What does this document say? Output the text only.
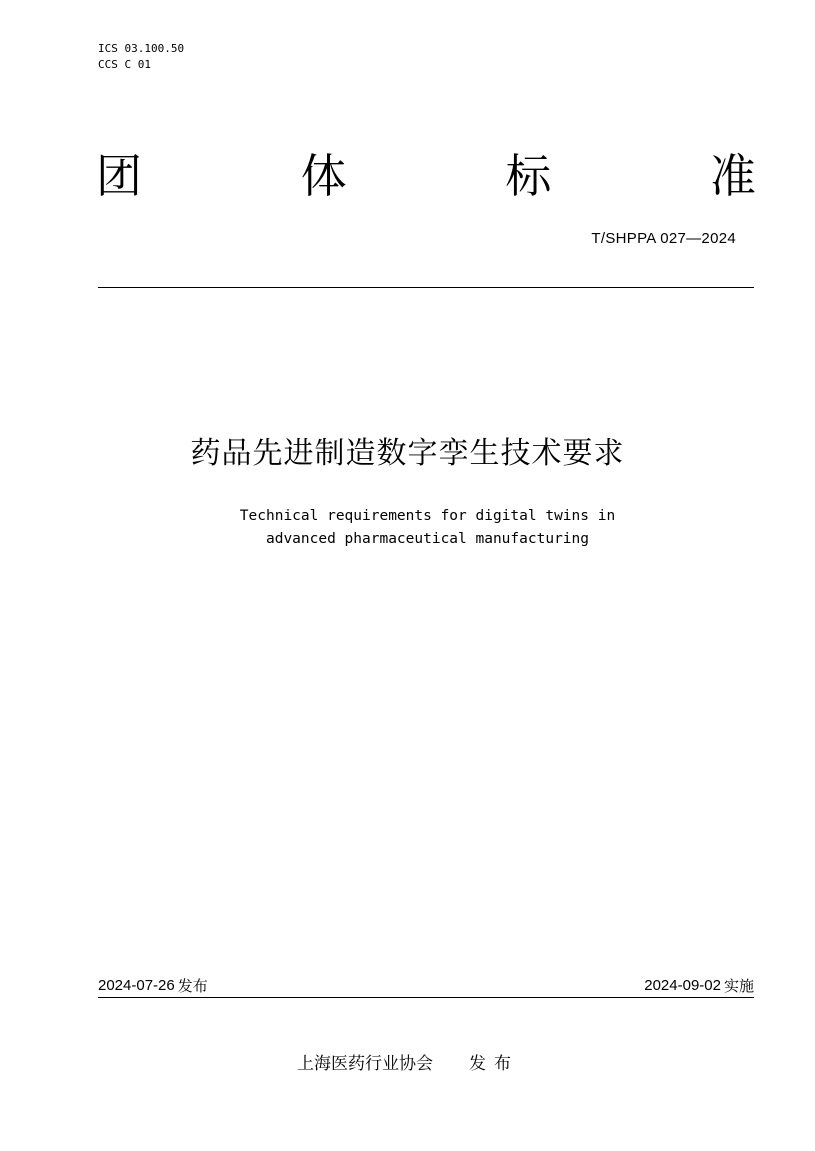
ICS 03.100.50
CCS C 01
团	体	标	准
T/SHPPA 027—2024
药品先进制造数字孪生技术要求
Technical requirements for digital twins in
advanced pharmaceutical manufacturing
2024-07-26 发布	2024-09-02 实施
上海医药行业协会 发布
